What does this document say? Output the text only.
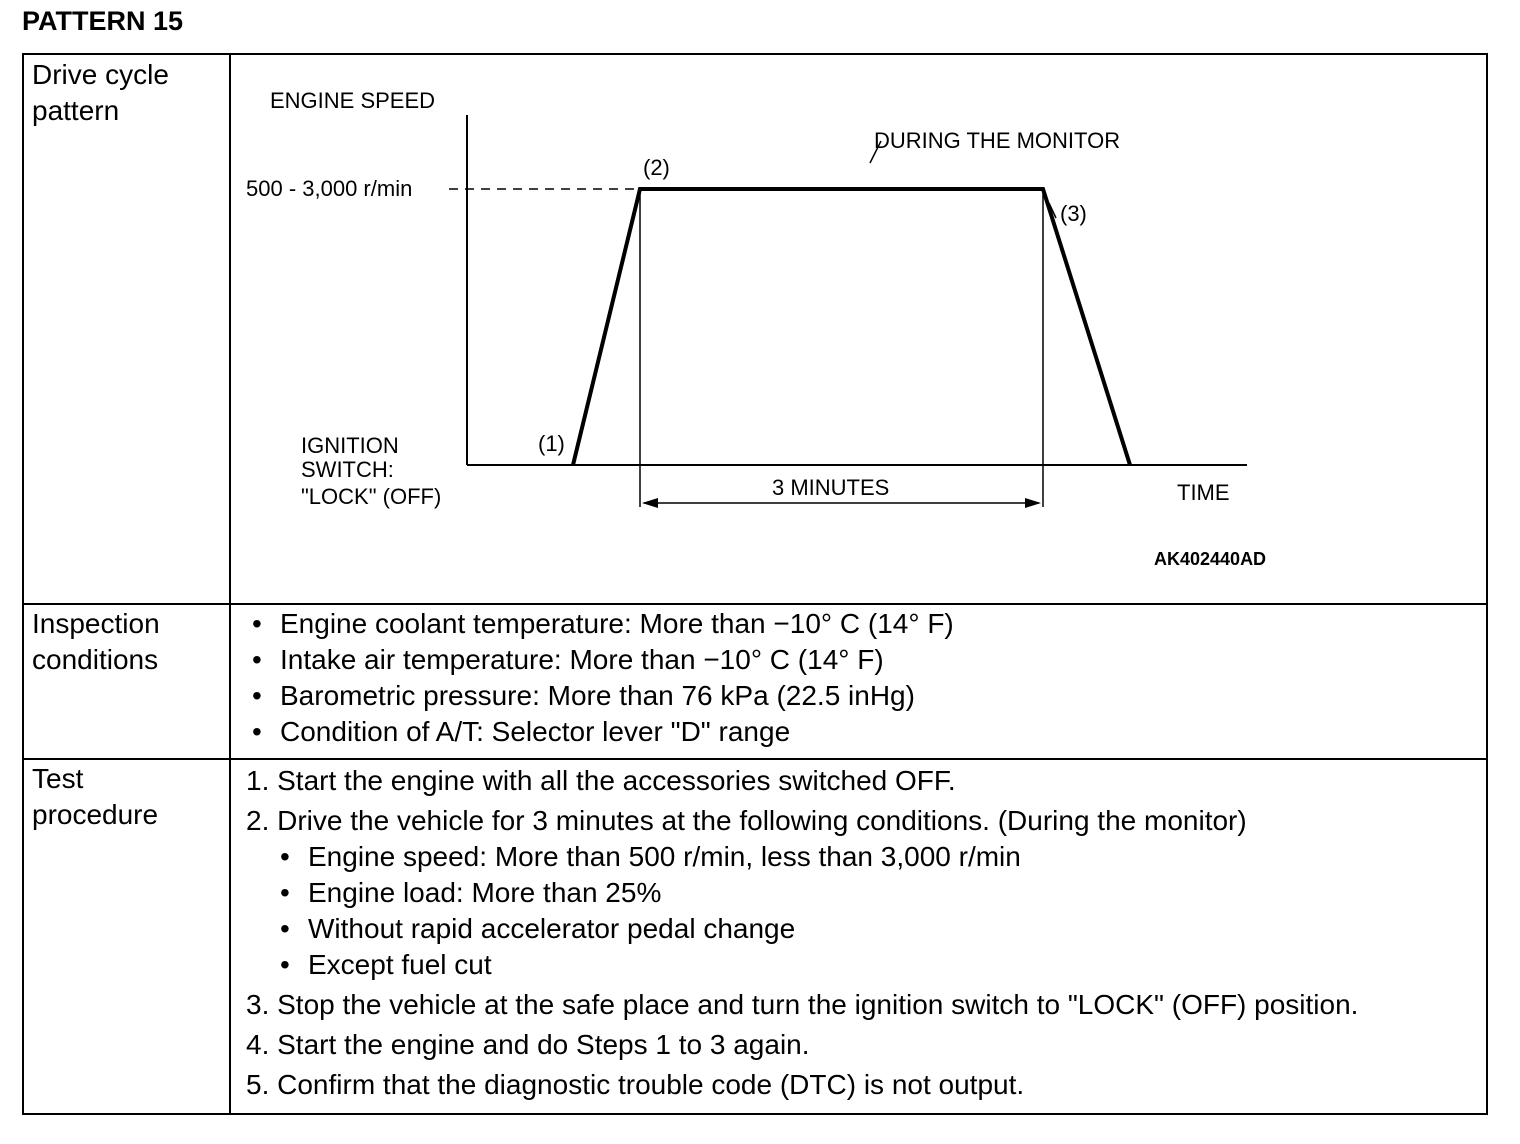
PATTERN 15
Drive cycle
pattern
Inspection
conditions
Test
procedure
ENGINE SPEED
500 - 3,000 r/min
DURING THE MONITOR
(2)
(3)
(1)
IGNITION
SWITCH:
"LOCK" (OFF)	3 MINUTES	TIME
AK402440AD
• Engine coolant temperature: More than −10° C (14° F)
• Intake air temperature: More than −10° C (14° F)
• Barometric pressure: More than 76 kPa (22.5 inHg)
• Condition of A/T: Selector lever "D" range
1. Start the engine with all the accessories switched OFF.
2. Drive the vehicle for 3 minutes at the following conditions. (During the monitor)
• Engine speed: More than 500 r/min, less than 3,000 r/min
• Engine load: More than 25%
• Without rapid accelerator pedal change
• Except fuel cut
3. Stop the vehicle at the safe place and turn the ignition switch to "LOCK" (OFF) position.
4. Start the engine and do Steps 1 to 3 again.
5. Confirm that the diagnostic trouble code (DTC) is not output.
